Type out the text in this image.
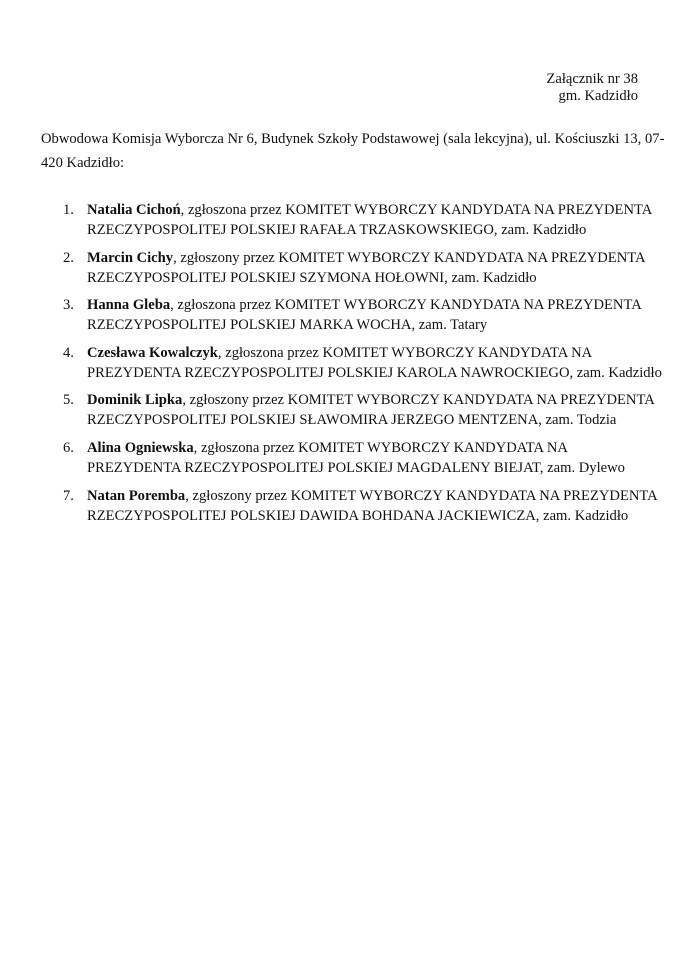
Załącznik nr 38
gm. Kadzidło
Obwodowa Komisja Wyborcza Nr 6, Budynek Szkoły Podstawowej (sala lekcyjna), ul. Kościuszki 13, 07-
420 Kadzidło:
1. Natalia Cichoń, zgłoszona przez KOMITET WYBORCZY KANDYDATA NA PREZYDENTA
RZECZYPOSPOLITEJ POLSKIEJ RAFAŁA TRZASKOWSKIEGO, zam. Kadzidło
2. Marcin Cichy, zgłoszony przez KOMITET WYBORCZY KANDYDATA NA PREZYDENTA
RZECZYPOSPOLITEJ POLSKIEJ SZYMONA HOŁOWNI, zam. Kadzidło
3. Hanna Gleba, zgłoszona przez KOMITET WYBORCZY KANDYDATA NA PREZYDENTA
RZECZYPOSPOLITEJ POLSKIEJ MARKA WOCHA, zam. Tatary
4. Czesława Kowalczyk, zgłoszona przez KOMITET WYBORCZY KANDYDATA NA
PREZYDENTA RZECZYPOSPOLITEJ POLSKIEJ KAROLA NAWROCKIEGO, zam. Kadzidło
5. Dominik Lipka, zgłoszony przez KOMITET WYBORCZY KANDYDATA NA PREZYDENTA
RZECZYPOSPOLITEJ POLSKIEJ SŁAWOMIRA JERZEGO MENTZENA, zam. Todzia
6. Alina Ogniewska, zgłoszona przez KOMITET WYBORCZY KANDYDATA NA
PREZYDENTA RZECZYPOSPOLITEJ POLSKIEJ MAGDALENY BIEJAT, zam. Dylewo
7. Natan Poremba, zgłoszony przez KOMITET WYBORCZY KANDYDATA NA PREZYDENTA
RZECZYPOSPOLITEJ POLSKIEJ DAWIDA BOHDANA JACKIEWICZA, zam. Kadzidło
